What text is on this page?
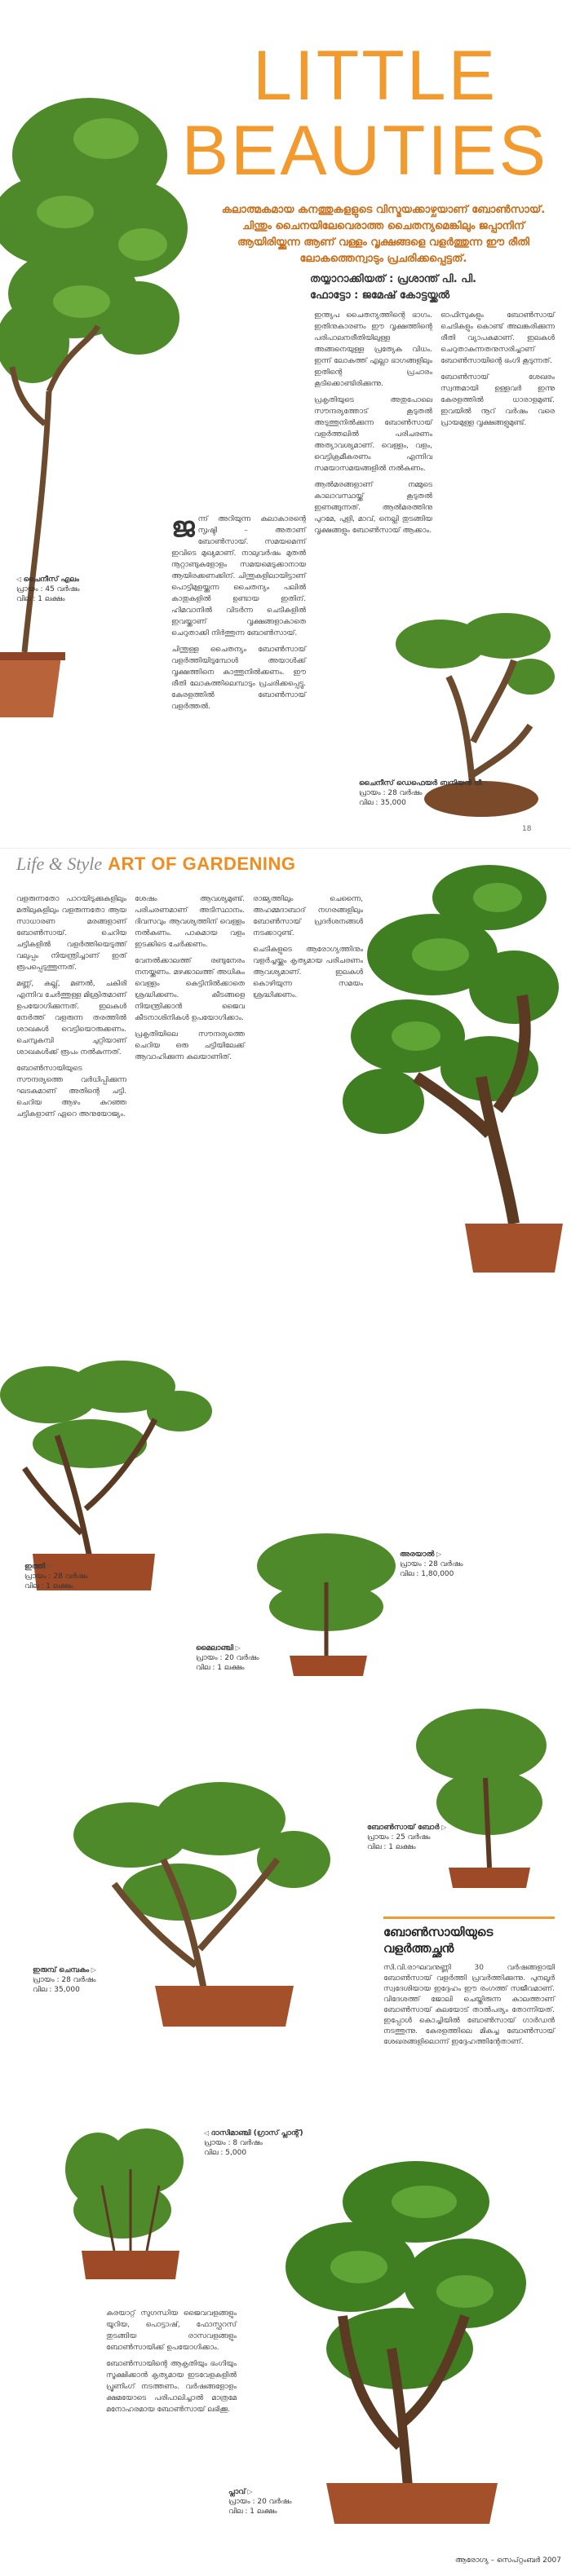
LITTLE
BEAUTIES
കലാത്മകമായ കനത്തുകളളുടെ വിസ്മയക്കാഴ്ചയാണ് ബോൺസായ്. ചിന്തും ചൈനയിലേവെരാത്ത ചൈതന്യമെങ്കിലും ജപ്പാനിന് ആയിരിയ്ക്കുന്ന ആണ് വള്ളം വൃക്ഷങ്ങളെ വളർത്തുന്ന ഈ രീതി ലോകത്തെന്വാടും പ്രചരിക്കപ്പെട്ടത്.
തയ്യാറാക്കിയത് : പ്രശാന്ത് പി. പി.
ഫോട്ടോ : ജമേഷ് കോട്ടയ്ക്കൽ
ജ ന്ന് അറിയുന്ന കലാകാരന്റെ സൃഷ്ടി – അതാണ് ബോൺസായ്. സമയമെന്ന് ഇവിടെ മുഖ്യമാണ്. നാലുവർഷം മുതൽ നൂറ്റാണ്ടുകളോളം സമയമെടുക്കാനായ ആയിരക്കണക്കിന്. ചിന്തുകളിലായിട്ടാണ് പൊട്ടിമുളയ്ക്കുന്ന ചൈതന്യം പലിൽ കാതുകളിൽ ഉണ്ടായ ഇതിന്. ഹിമവാനിൽ വിടർന്ന ചെടികളിൽ ഇവയ്ക്കാണ് വൃക്ഷങ്ങളാകാതെ ചെറുതാക്കി നിർത്തുന്ന ബോൺസായ്.

ചിന്തുള്ള ചൈതന്യം ബോൺസായ് വളർത്തിയിടുമ്പോൾ അയാൾക്ക് വൃക്ഷത്തിനെ കാത്തുനിൽക്കണം. ഈ രീതി ലോകത്തിലെമ്പാടും പ്രചരിക്കപ്പെട്ടു. കേരളത്തിൽ ബോൺസായ് വളർത്തൽ.

ഇന്ത്യപ ചൈതന്യത്തിന്റെ ഭാഗം. ഇതിനുകാരണം ഈ വൃക്ഷത്തിന്റെ പരിപാലനരീതിയിലുള്ള അങ്ങനെയുള്ള പ്രത്യേക വിധം. ഇന്ന് ലോകത്ത് എല്ലാ ഭാഗങ്ങളിലും ഇതിന്റെ പ്രചാരം കൂടിക്കൊണ്ടിരിക്കുന്നു.

പ്രകൃതിയുടെ അതുപോലെ സൗന്ദര്യത്തോട് കൂടുതൽ അടുത്തുനിൽക്കുന്ന ബോൺസായ് വളർത്തലിൽ പരിചരണം അത്യാവശ്യമാണ്. വെള്ളം, വളം, വെട്ടിക്രമീകരണം എന്നിവ സമയാസമയങ്ങളിൽ നൽകണം.

ആൽമരങ്ങളാണ് നമ്മുടെ കാലാവസ്ഥയ്ക്ക് കൂടുതൽ ഇണങ്ങുന്നത്. ആൽമരത്തിനു പുറമേ, പുളി, മാവ്, നെല്ലി തുടങ്ങിയ വൃക്ഷങ്ങളും ബോൺസായ് ആക്കാം.

ഓഫിസുകളും ബോൺസായ് ചെടികളും കൊണ്ട് അലങ്കരിക്കുന്ന രീതി വ്യാപകമാണ്. ഇലകൾ ചെറുതാകുന്നതനുസരിച്ചാണ് ബോൺസായിന്റെ ഭംഗി കൂടുന്നത്.

ബോൺസായ് ശേഖരം സ്വന്തമായി ഉള്ളവർ ഇന്നു കേരളത്തിൽ ധാരാളമുണ്ട്. ഇവയിൽ നൂറ് വർഷം വരെ പ്രായമുള്ള വൃക്ഷങ്ങളുമുണ്ട്.

◁ ചൈനീസ് എലം
പ്രായം : 45 വർഷം
വില : 1 ലക്ഷം
ചൈനീസ് ഡെഫെയർ ബനിയൻ ട്രീ ▷
പ്രായം : 28 വർഷം
വില : 35,000
18
Life & Style ART OF GARDENING

വളരുന്നതോ പാറയിടുക്കുകളിലും മതിലുകളിലും വളരുന്നതോ ആയ സാധാരണ മരങ്ങളാണ് ബോൺസായ്. ചെറിയ ചട്ടികളിൽ വളർത്തിയെടുത്ത് വലുപ്പം നിയന്ത്രിച്ചാണ് ഇത് രൂപപ്പെടുത്തുന്നത്.

മണ്ണ്, കല്ല്, മണൽ, ചകിരി എന്നിവ ചേർത്തുള്ള മിശ്രിതമാണ് ഉപയോഗിക്കുന്നത്. ഇലകൾ നേർത്ത് വളരുന്ന തരത്തിൽ ശാഖകൾ വെട്ടിയൊരുക്കണം. ചെമ്പുകമ്പി ചുറ്റിയാണ് ശാഖകൾക്ക് രൂപം നൽകുന്നത്.

ബോൺസായിയുടെ സൗന്ദര്യത്തെ വർധിപ്പിക്കുന്ന ഘടകമാണ് അതിന്റെ ചട്ടി. ചെറിയ ആഴം കുറഞ്ഞ ചട്ടികളാണ് ഏറെ അനുയോജ്യം.

ശേഷം ആവശ്യമുണ്ട്. പരിചരണമാണ് അടിസ്ഥാനം. ദിവസവും ആവശ്യത്തിന് വെള്ളം നൽകണം. പാകമായ വളം ഇടക്കിടെ ചേർക്കണം.

വേനൽക്കാലത്ത് രണ്ടുനേരം നനയ്ക്കണം. മഴക്കാലത്ത് അധികം വെള്ളം കെട്ടിനിൽക്കാതെ ശ്രദ്ധിക്കണം. കീടങ്ങളെ നിയന്ത്രിക്കാൻ ജൈവ കീടനാശിനികൾ ഉപയോഗിക്കാം.

പ്രകൃതിയിലെ സൗന്ദര്യത്തെ ചെറിയ ഒരു ചട്ടിയിലേക്ക് ആവാഹിക്കുന്ന കലയാണിത്.

രാജ്യത്തിലും ചെന്നൈ, അഹമ്മദാബാദ് നഗരങ്ങളിലും ബോൺസായ് പ്രദർശനങ്ങൾ നടക്കാറുണ്ട്.

ചെടികളുടെ ആരോഗ്യത്തിനും വളർച്ചയ്ക്കും കൃത്യമായ പരിചരണം ആവശ്യമാണ്. ഇലകൾ കൊഴിയുന്ന സമയം ശ്രദ്ധിക്കണം.

അരയാൽ ▷
പ്രായം : 28 വർഷം
വില : 1,80,000
ഇത്തി ▷
പ്രായം : 28 വർഷം
വില : 1 ലക്ഷം
മൈലാഞ്ചി ▷
പ്രായം : 20 വർഷം
വില : 1 ലക്ഷം
ബോൺസായ് ബോർ ▷
പ്രായം : 25 വർഷം
വില : 1 ലക്ഷം
ഇരുമ്പ് ചെമ്പകം ▷
പ്രായം : 28 വർഷം
വില : 35,000
ബോൺസായിയുടെ വളർത്തച്ഛൻ
സി.വി.രാഘവനുണ്ണി 30 വർഷങ്ങളായി ബോൺസായ് വളർത്തി പ്രവർത്തിക്കുന്നു. പുനലൂർ സ്വദേശിയായ ഇദ്ദേഹം ഈ രംഗത്ത് സജീവമാണ്. വിദേശത്ത് ജോലി ചെയ്തിരുന്ന കാലത്താണ് ബോൺസായ് കലയോട് താൽപര്യം തോന്നിയത്. ഇപ്പോൾ കൊച്ചിയിൽ ബോൺസായ് ഗാർഡൻ നടത്തുന്നു. കേരളത്തിലെ മികച്ച ബോൺസായ് ശേഖരങ്ങളിലൊന്ന് ഇദ്ദേഹത്തിന്റേതാണ്.
◁ ദാസിമാഞ്ചി (ഗ്രാസ് പ്ലാന്റ്)
പ്രായം : 8 വർഷം
വില : 5,000
പ്ലാവ് ▷
പ്രായം : 20 വർഷം
വില : 1 ലക്ഷം

കരയാറ്റ് സുഗന്ധിയ ജൈവവളങ്ങളും യൂറിയ, പൊട്ടാഷ്, ഫോസ്ഫറസ് തുടങ്ങിയ രാസവളങ്ങളും ബോൺസായിക്ക് ഉപയോഗിക്കാം.

ബോൺസായിന്റെ ആകൃതിയും ഭംഗിയും സൂക്ഷിക്കാൻ കൃത്യമായ ഇടവേളകളിൽ പ്രൂണിംഗ് നടത്തണം. വർഷങ്ങളോളം ക്ഷമയോടെ പരിപാലിച്ചാൽ മാത്രമേ മനോഹരമായ ബോൺസായ് ലഭിക്കൂ.

ആരോഗ്യ – സെപ്റ്റംബർ 2007
